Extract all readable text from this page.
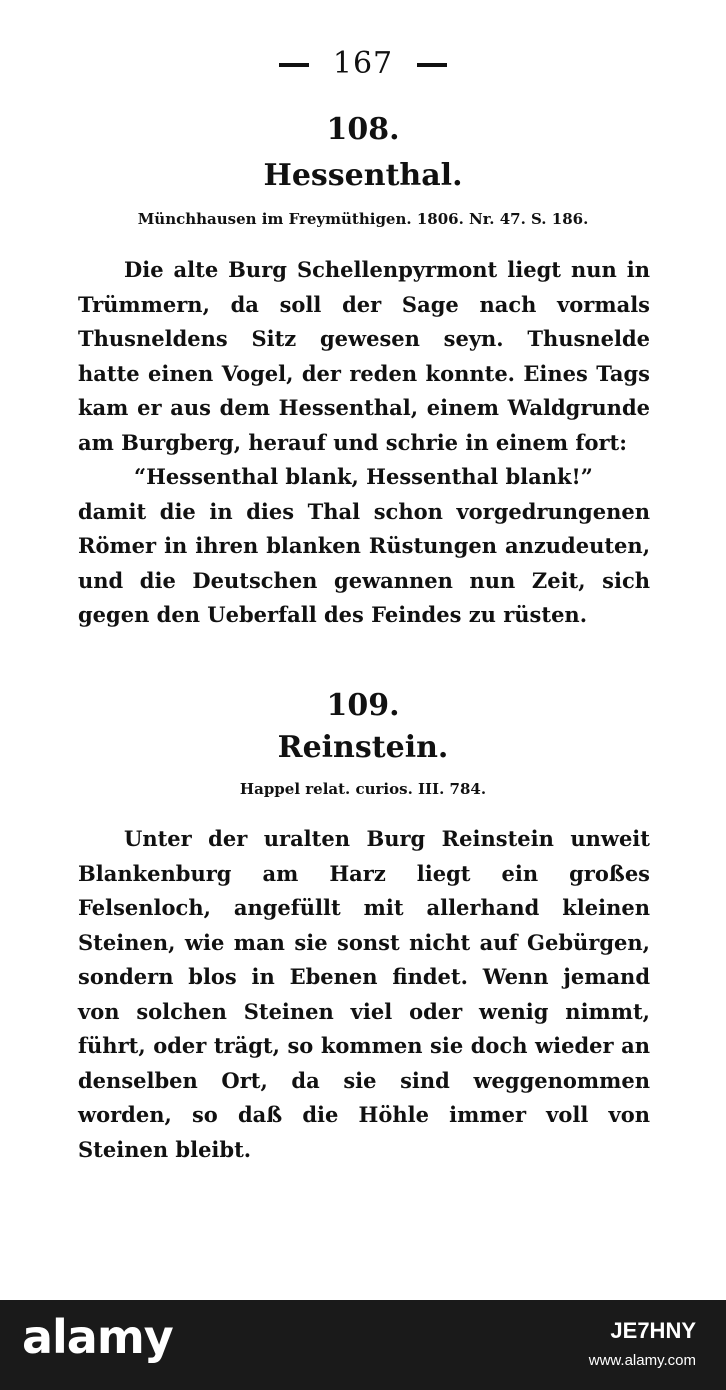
167
108.
Hessenthal.
Münchhausen im Freymüthigen. 1806. Nr. 47. S. 186.

Die alte Burg Schellenpyrmont liegt nun in Trümmern, da soll der Sage nach vormals Thusneldens Sitz gewesen seyn. Thusnelde hatte einen Vogel, der reden konnte. Eines Tags kam er aus dem Hessenthal, einem Waldgrunde am Burgberg, herauf und schrie in einem fort:

“Hessenthal blank, Hessenthal blank!”

damit die in dies Thal schon vorgedrungenen Römer in ihren blanken Rüstungen anzudeuten, und die Deutschen gewannen nun Zeit, sich gegen den Ueberfall des Feindes zu rüsten.

109.
Reinstein.
Happel relat. curios. III. 784.

Unter der uralten Burg Reinstein unweit Blankenburg am Harz liegt ein großes Felsenloch, angefüllt mit allerhand kleinen Steinen, wie man sie sonst nicht auf Gebürgen, sondern blos in Ebenen findet. Wenn jemand von solchen Steinen viel oder wenig nimmt, führt, oder trägt, so kommen sie doch wieder an denselben Ort, da sie sind weggenommen worden, so daß die Höhle immer voll von Steinen bleibt.

alamy	JE7HNY
www.alamy.com
